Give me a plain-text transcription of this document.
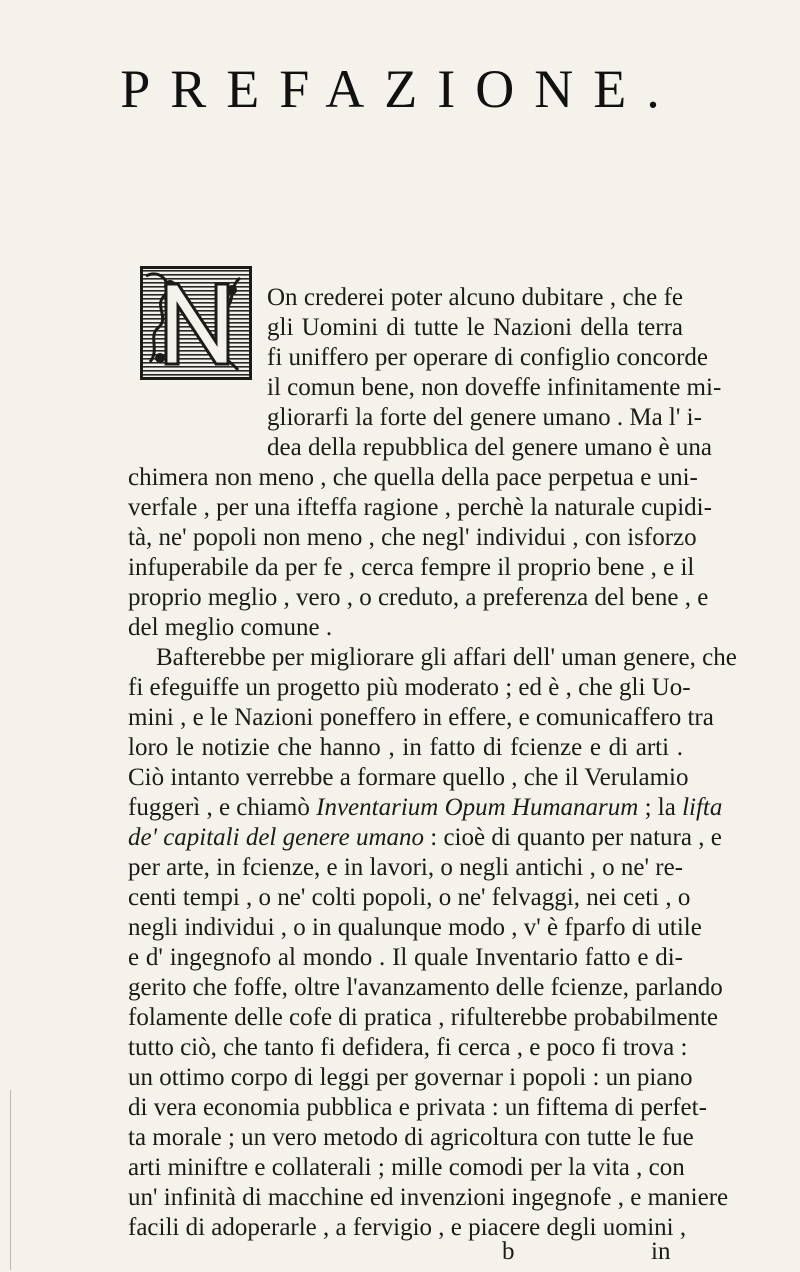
PREFAZIONE.
On crederei poter alcuno dubitare , che fe
gli Uomini di tutte le Nazioni della terra
fi uniffero per operare di configlio concorde
il comun bene, non doveffe infinitamente mi-
gliorarfi la forte del genere umano . Ma l' i-
dea della repubblica del genere umano è una
chimera non meno , che quella della pace perpetua e uni-
verfale , per una ifteffa ragione , perchè la naturale cupidi-
tà, ne' popoli non meno , che negl' individui , con isforzo
infuperabile da per fe , cerca fempre il proprio bene , e il
proprio meglio , vero , o creduto, a preferenza del bene , e
del meglio comune .
Bafterebbe per migliorare gli affari dell' uman genere, che
fi efeguiffe un progetto più moderato ; ed è , che gli Uo-
mini , e le Nazioni poneffero in effere, e comunicaffero tra
loro le notizie che hanno , in fatto di fcienze e di arti .
Ciò intanto verrebbe a formare quello , che il Verulamio
fuggerì , e chiamò Inventarium Opum Humanarum ; la lifta
de' capitali del genere umano : cioè di quanto per natura , e
per arte, in fcienze, e in lavori, o negli antichi , o ne' re-
centi tempi , o ne' colti popoli, o ne' felvaggi, nei ceti , o
negli individui , o in qualunque modo , v' è fparfo di utile
e d' ingegnofo al mondo . Il quale Inventario fatto e di-
gerito che foffe, oltre l'avanzamento delle fcienze, parlando
folamente delle cofe di pratica , rifulterebbe probabilmente
tutto ciò, che tanto fi defidera, fi cerca , e poco fi trova :
un ottimo corpo di leggi per governar i popoli : un piano
di vera economia pubblica e privata : un fiftema di perfet-
ta morale ; un vero metodo di agricoltura con tutte le fue
arti miniftre e collaterali ; mille comodi per la vita , con
un' infinità di macchine ed invenzioni ingegnofe , e maniere
facili di adoperarle , a fervigio , e piacere degli uomini ,
b	in
